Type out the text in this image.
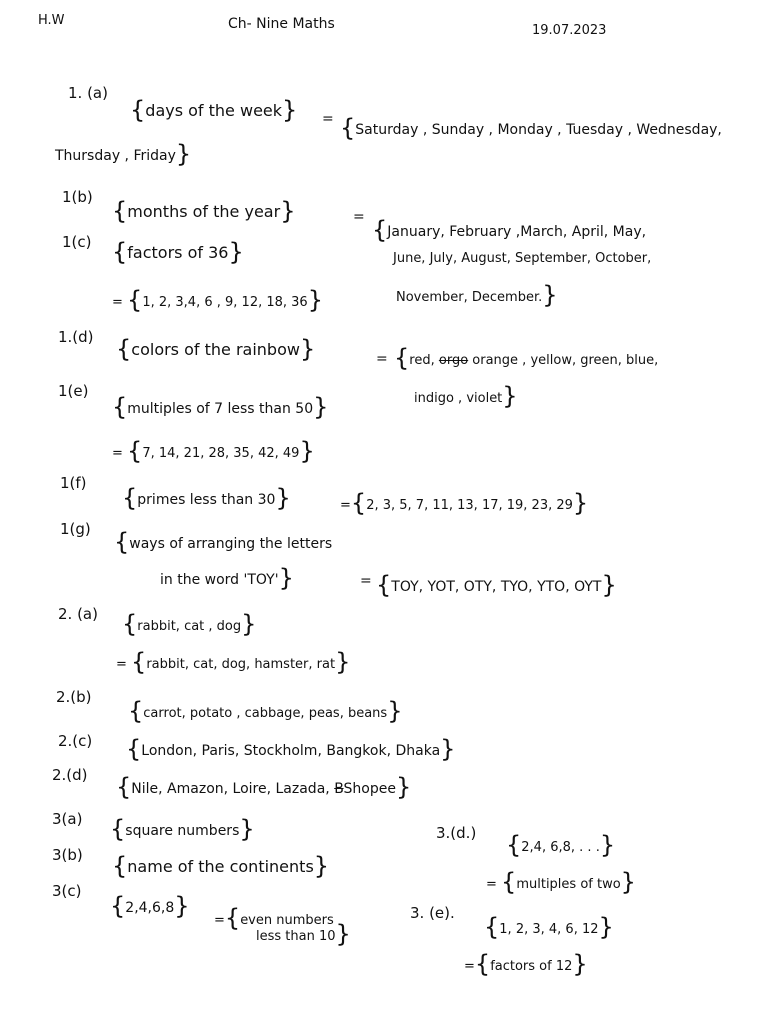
H.W	Ch- Nine Maths	19.07.2023
1. (a)
{days of the week} = {Saturday , Sunday , Monday , Tuesday , Wednesday,
Thursday , Friday}
1(b) {months of the year}	= {January, February ,March, April, May,
June, July, August, September, October,
November, December.}
1(c) {factors of 36}
= {1, 2, 3,4, 6 , 9, 12, 18, 36}
1.(d) {colors of the rainbow}	= {red, orgo orange , yellow, green, blue,
indigo , violet}
1(e)
{multiples of 7 less than 50}
= {7, 14, 21, 28, 35, 42, 49}
1(f)
{primes less than 30}	={2, 3, 5, 7, 11, 13, 17, 19, 23, 29}
1(g) {ways of arranging the letters
in the word 'TOY'}	= {TOY, YOT, OTY, TYO, YTO, OYT}
2. (a) {rabbit, cat , dog}
= {rabbit, cat, dog, hamster, rat}
2.(b) {carrot, potato , cabbage, peas, beans}
2.(c) {London, Paris, Stockholm, Bangkok, Dhaka}
2.(d) {Nile, Amazon, Loire, Lazada, BShopee}
3(a) {square numbers}
3(b) {name of the continents}
3(c)
{2,4,6,8}
={even numbers
less than 10}
3.(d.) {2,4, 6,8, . . .}
= {multiples of two}
3. (e). {1, 2, 3, 4, 6, 12}
={factors of 12}
